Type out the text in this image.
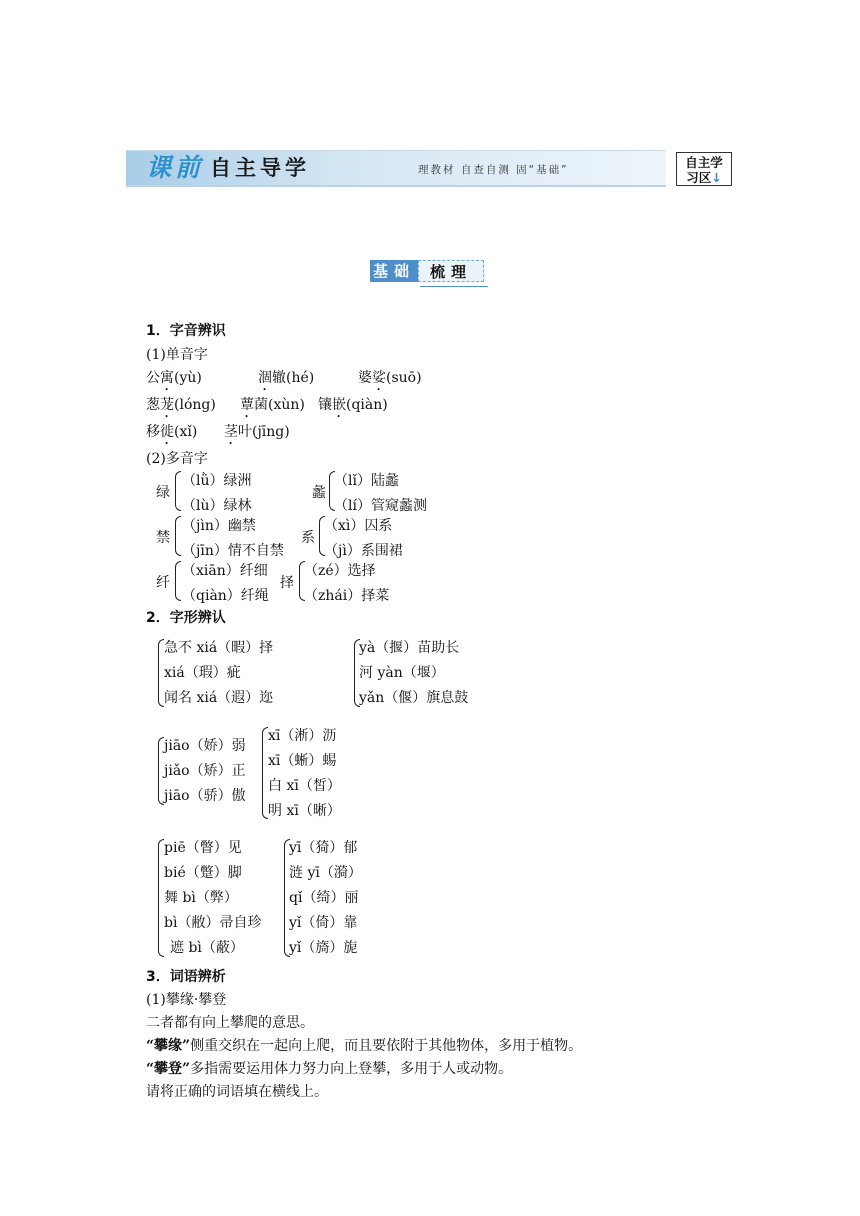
课前 自主导学	理教材 自查自测 固“基础”	自主学
习区↓
基础 梳理
1．字音辨识
(1)单音字
公寓(yù)	涸辙(hé)	婆娑(suō)
葱茏(lóng) 蕈菌(xùn) 镶嵌(qiàn)
移徙(xǐ) 茎叶(jīng)
(2)多音字
绿
（lǜ）绿洲
（lù）绿林
蠡
（lǐ）陆蠡
（lí）管窥蠡测
禁
（jìn）幽禁
（jīn）情不自禁
系
（xì）囚系
（jì）系围裙
纤
（xiān）纤细
（qiàn）纤绳
择
（zé）选择
（zhái）择菜
2．字形辨认
急不 xiá（暇）择
xiá（瑕）疵
闻名 xiá（遐）迩
yà（揠）苗助长
河 yàn（堰）
yǎn（偃）旗息鼓
jiāo（娇）弱
jiǎo（矫）正
jiāo（骄）傲
xī（淅）沥
xī（蜥）蜴
白 xī（皙）
明 xī（晰）
piē（瞥）见
bié（蹩）脚
舞 bì（弊）
bì（敝）帚自珍
遮 bì（蔽）
yī（猗）郁
涟 yī（漪）
qǐ（绮）丽
yǐ（倚）靠
yǐ（旖）旎
3．词语辨析
(1)攀缘·攀登
二者都有向上攀爬的意思。
“攀缘”侧重交织在一起向上爬，而且要依附于其他物体，多用于植物。
“攀登”多指需要运用体力努力向上登攀，多用于人或动物。
请将正确的词语填在横线上。
